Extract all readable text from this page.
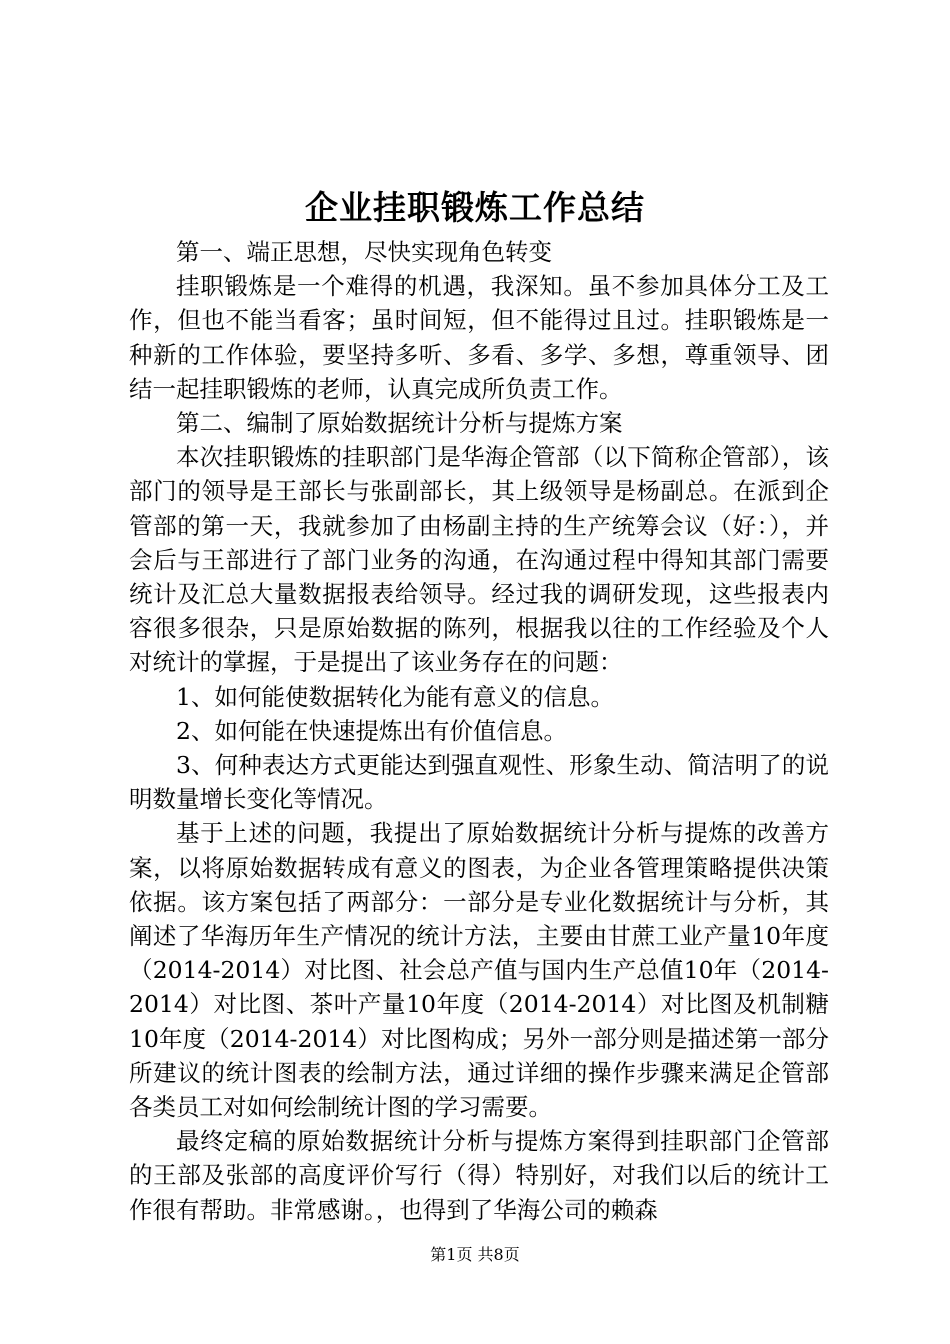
企业挂职锻炼工作总结

第一、端正思想，尽快实现角色转变

挂职锻炼是一个难得的机遇，我深知。虽不参加具体分工及工作，但也不能当看客；虽时间短，但不能得过且过。挂职锻炼是一种新的工作体验，要坚持多听、多看、多学、多想，尊重领导、团结一起挂职锻炼的老师，认真完成所负责工作。

第二、编制了原始数据统计分析与提炼方案

本次挂职锻炼的挂职部门是华海企管部（以下简称企管部），该部门的领导是王部长与张副部长，其上级领导是杨副总。在派到企管部的第一天，我就参加了由杨副主持的生产统筹会议（好：），并会后与王部进行了部门业务的沟通，在沟通过程中得知其部门需要统计及汇总大量数据报表给领导。经过我的调研发现，这些报表内容很多很杂，只是原始数据的陈列，根据我以往的工作经验及个人对统计的掌握，于是提出了该业务存在的问题：

1、如何能使数据转化为能有意义的信息。

2、如何能在快速提炼出有价值信息。

3、何种表达方式更能达到强直观性、形象生动、简洁明了的说明数量增长变化等情况。

基于上述的问题，我提出了原始数据统计分析与提炼的改善方案，以将原始数据转成有意义的图表，为企业各管理策略提供决策依据。该方案包括了两部分：一部分是专业化数据统计与分析，其阐述了华海历年生产情况的统计方法，主要由甘蔗工业产量10年度（2014-2014）对比图、社会总产值与国内生产总值10年（2014-2014）对比图、茶叶产量10年度（2014-2014）对比图及机制糖10年度（2014-2014）对比图构成；另外一部分则是描述第一部分所建议的统计图表的绘制方法，通过详细的操作步骤来满足企管部各类员工对如何绘制统计图的学习需要。

最终定稿的原始数据统计分析与提炼方案得到挂职部门企管部的王部及张部的高度评价写行（得）特别好，对我们以后的统计工作很有帮助。非常感谢。，也得到了华海公司的赖森

第1页 共8页
